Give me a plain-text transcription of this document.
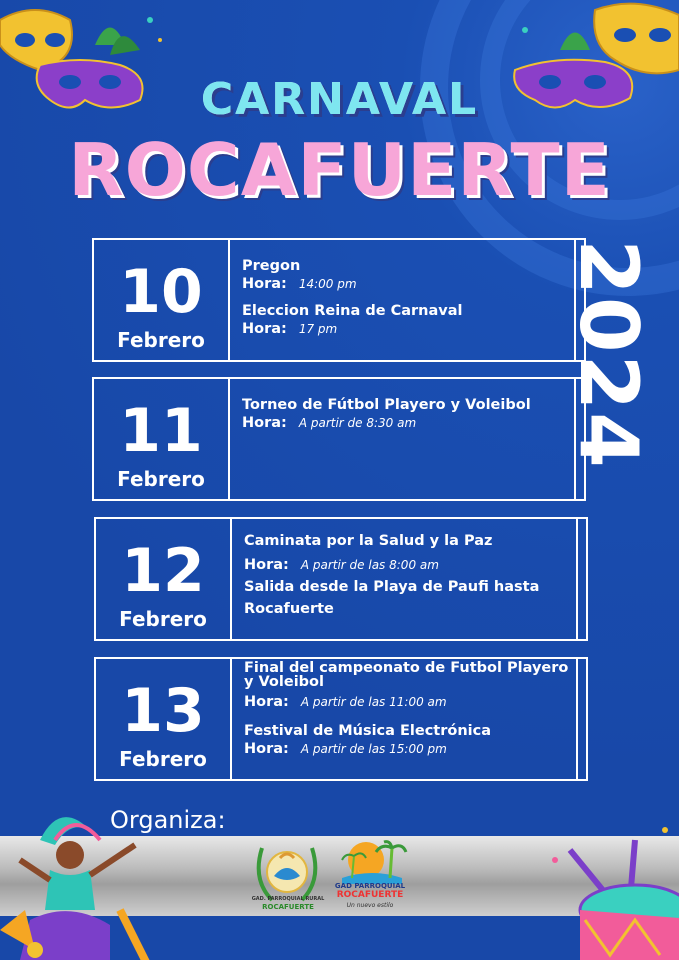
CARNAVAL
ROCAFUERTE
2024
10
Febrero
Pregon
Hora: 14:00 pm
Eleccion Reina de Carnaval
Hora: 17 pm
11
Febrero
Torneo de Fútbol Playero y Voleibol
Hora: A partir de 8:30 am
12
Febrero
Caminata por la Salud y la Paz
Hora: A partir de las 8:00 am
Salida desde la Playa de Paufi hasta Rocafuerte
13
Febrero
Final del campeonato de Futbol Playero y Voleibol
Hora: A partir de las 11:00 am
Festival de Música Electrónica
Hora: A partir de las 15:00 pm
Organiza:
GAD. PARROQUIAL RURAL
ROCAFUERTE
GAD PARROQUIAL
ROCAFUERTE
Un nuevo estilo
